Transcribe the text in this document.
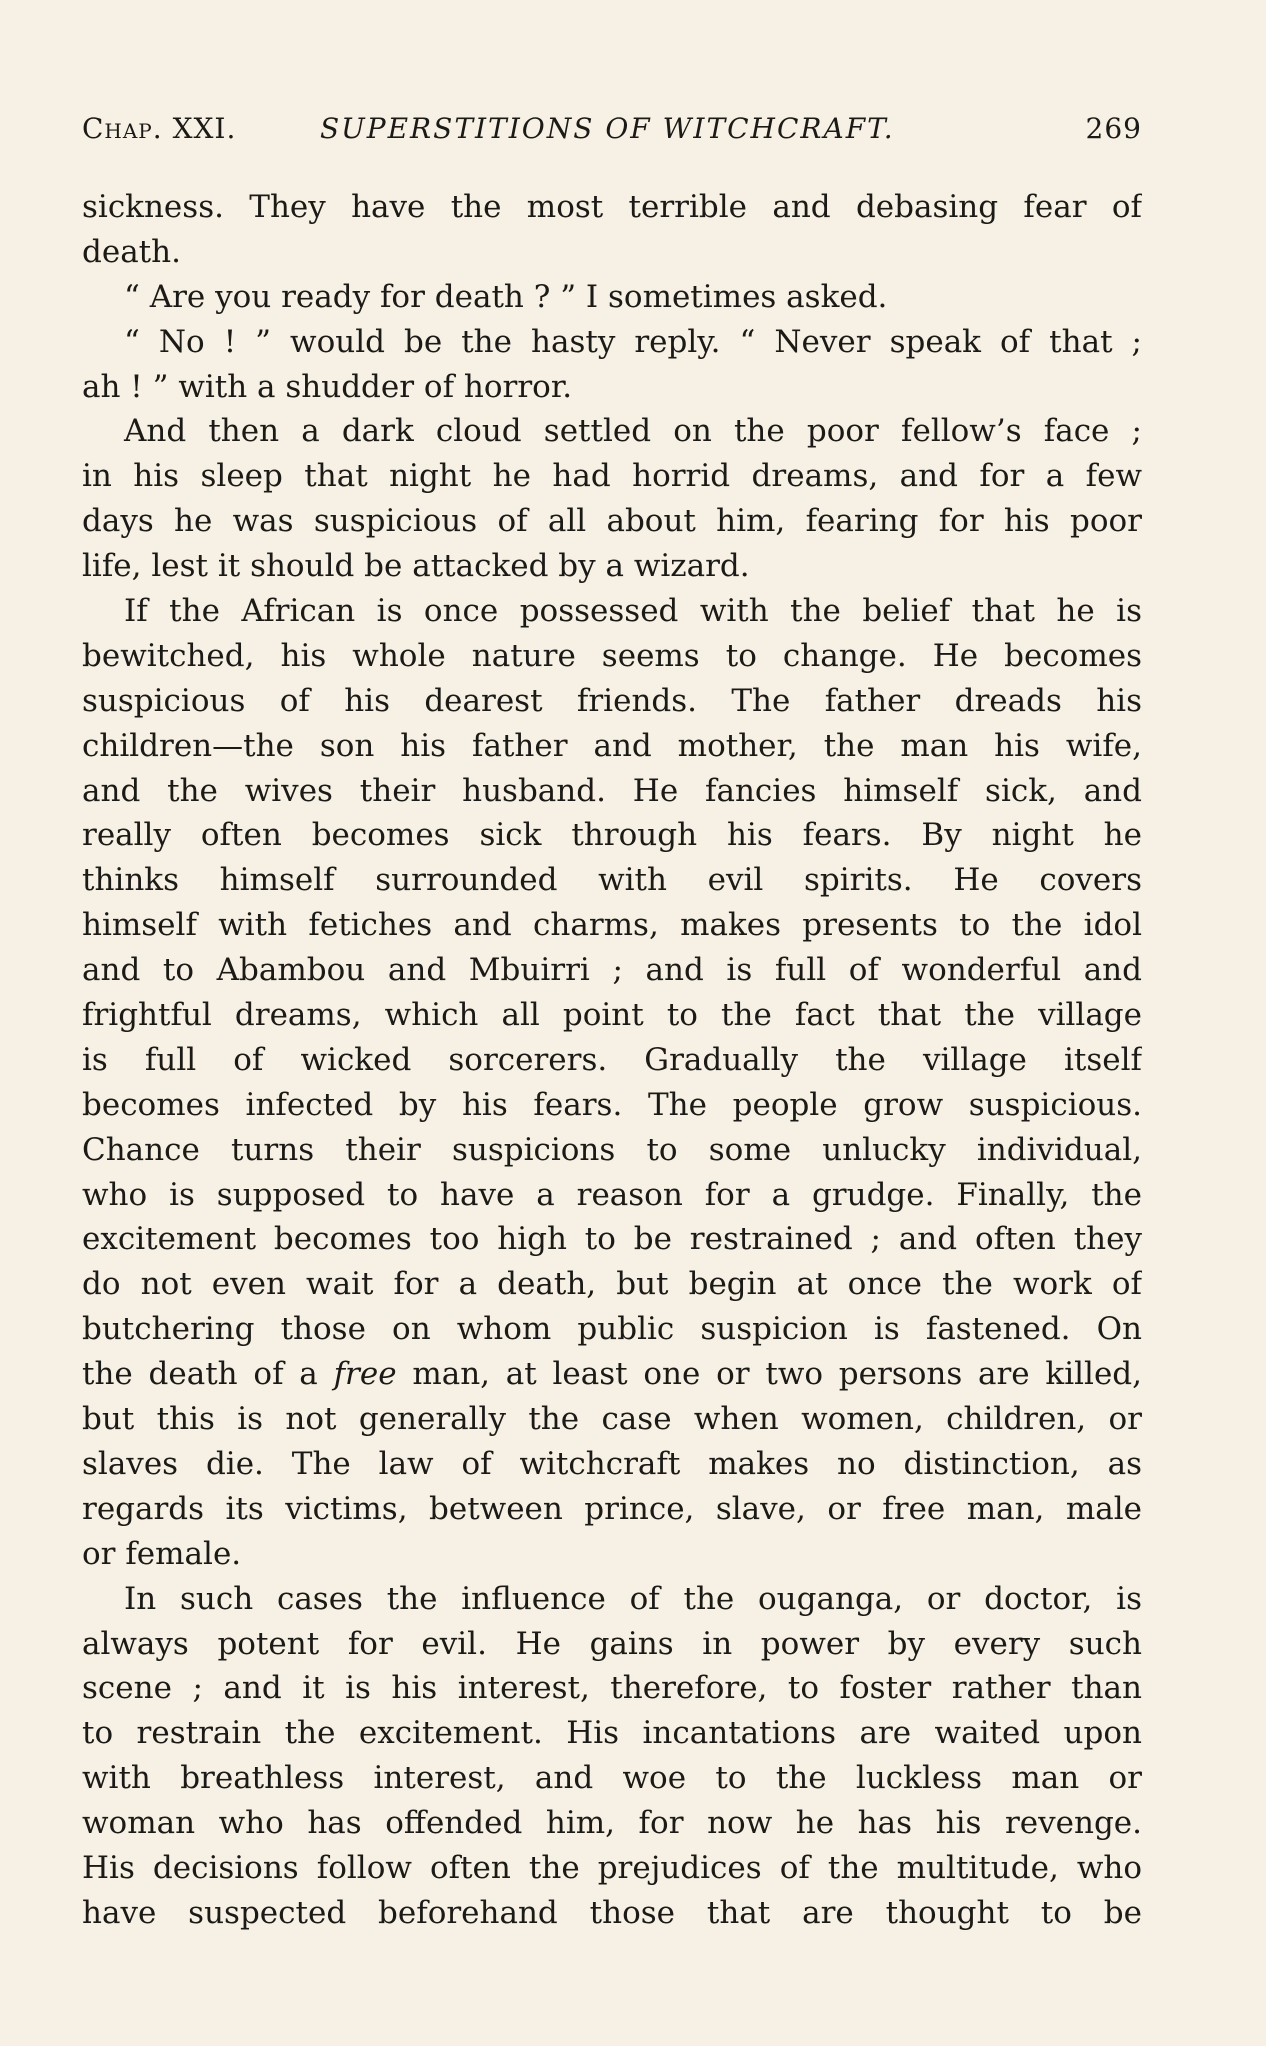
Chap. XXI.	SUPERSTITIONS OF WITCHCRAFT.	269
sickness. They have the most terrible and debasing fear of
death.
“ Are you ready for death ? ” I sometimes asked.
“ No ! ” would be the hasty reply. “ Never speak of that ;
ah ! ” with a shudder of horror.
And then a dark cloud settled on the poor fellow’s face ;
in his sleep that night he had horrid dreams, and for a few
days he was suspicious of all about him, fearing for his poor
life, lest it should be attacked by a wizard.
If the African is once possessed with the belief that he is
bewitched, his whole nature seems to change. He becomes
suspicious of his dearest friends. The father dreads his
children—the son his father and mother, the man his wife,
and the wives their husband. He fancies himself sick, and
really often becomes sick through his fears. By night he
thinks himself surrounded with evil spirits. He covers
himself with fetiches and charms, makes presents to the idol
and to Abambou and Mbuirri ; and is full of wonderful and
frightful dreams, which all point to the fact that the village
is full of wicked sorcerers. Gradually the village itself
becomes infected by his fears. The people grow suspicious.
Chance turns their suspicions to some unlucky individual,
who is supposed to have a reason for a grudge. Finally, the
excitement becomes too high to be restrained ; and often they
do not even wait for a death, but begin at once the work of
butchering those on whom public suspicion is fastened. On
the death of a free man, at least one or two persons are killed,
but this is not generally the case when women, children, or
slaves die. The law of witchcraft makes no distinction, as
regards its victims, between prince, slave, or free man, male
or female.
In such cases the influence of the ouganga, or doctor, is
always potent for evil. He gains in power by every such
scene ; and it is his interest, therefore, to foster rather than
to restrain the excitement. His incantations are waited upon
with breathless interest, and woe to the luckless man or
woman who has offended him, for now he has his revenge.
His decisions follow often the prejudices of the multitude, who
have suspected beforehand those that are thought to be
